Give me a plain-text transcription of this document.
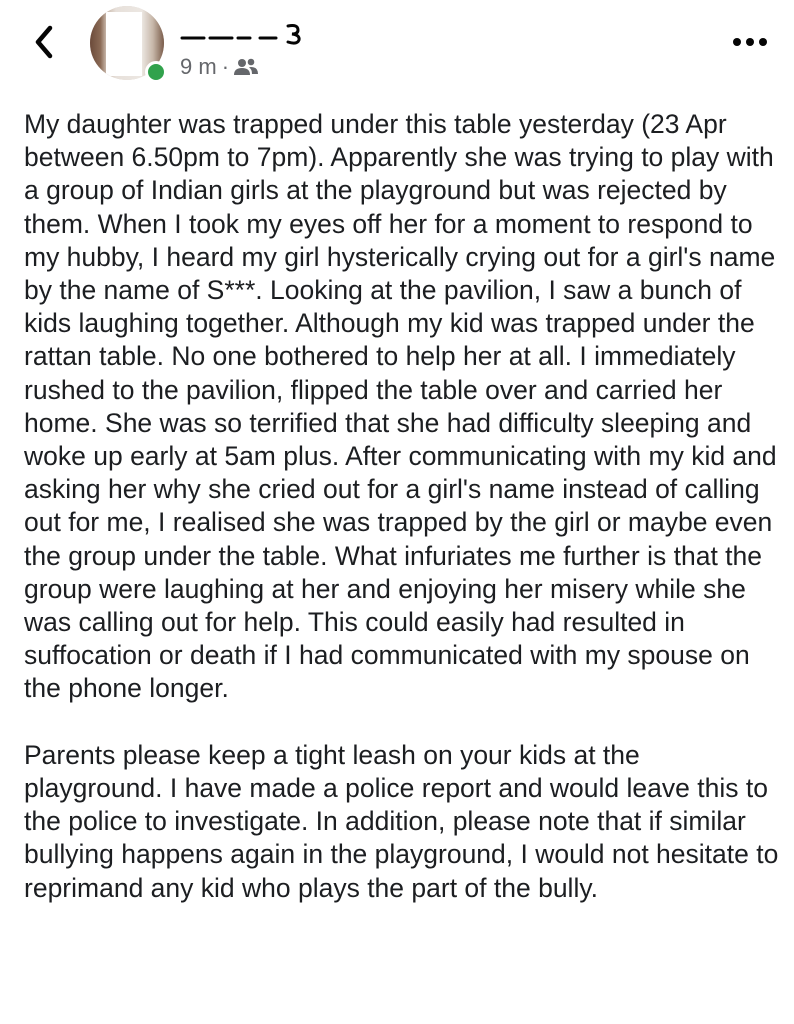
9 m ·

My daughter was trapped under this table yesterday (23 Apr between 6.50pm to 7pm). Apparently she was trying to play with a group of Indian girls at the playground but was rejected by them. When I took my eyes off her for a moment to respond to my hubby, I heard my girl hysterically crying out for a girl's name by the name of S***. Looking at the pavilion, I saw a bunch of kids laughing together. Although my kid was trapped under the rattan table. No one bothered to help her at all. I immediately rushed to the pavilion, flipped the table over and carried her home. She was so terrified that she had difficulty sleeping and woke up early at 5am plus. After communicating with my kid and asking her why she cried out for a girl's name instead of calling out for me, I realised she was trapped by the girl or maybe even the group under the table. What infuriates me further is that the group were laughing at her and enjoying her misery while she was calling out for help. This could easily had resulted in suffocation or death if I had communicated with my spouse on the phone longer.

Parents please keep a tight leash on your kids at the playground. I have made a police report and would leave this to the police to investigate. In addition, please note that if similar bullying happens again in the playground, I would not hesitate to reprimand any kid who plays the part of the bully.
